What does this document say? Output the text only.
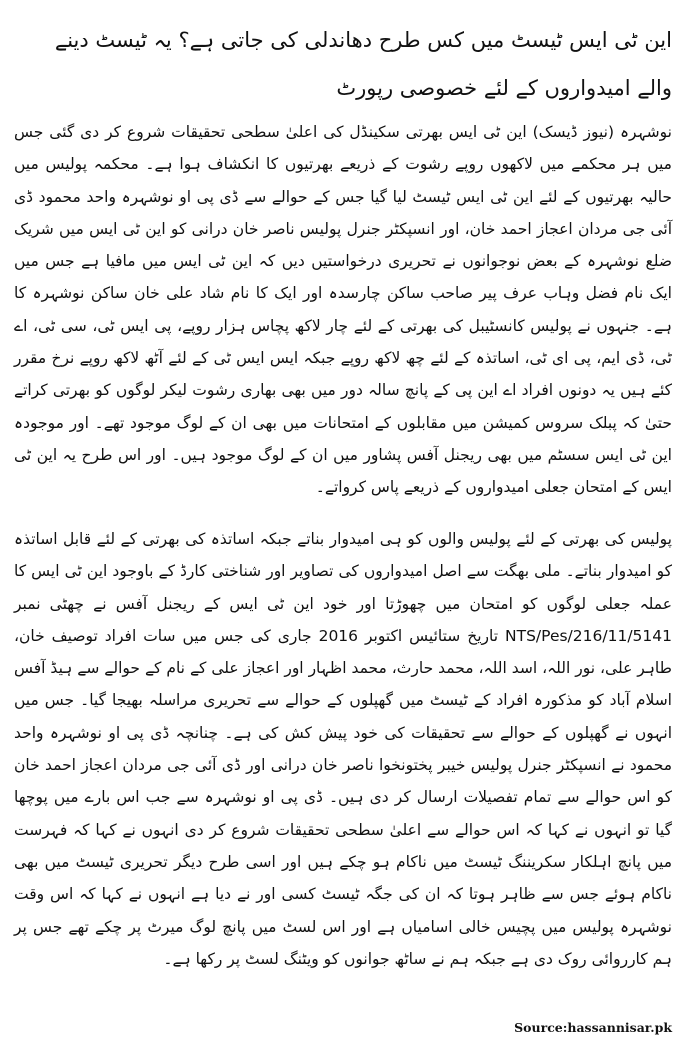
این ٹی ایس ٹیسٹ میں کس طرح دھاندلی کی جاتی ہے؟ یہ ٹیسٹ دینے والے امیدواروں کے لئے خصوصی رپورٹ

نوشہرہ (نیوز ڈیسک) این ٹی ایس بھرتی سکینڈل کی اعلیٰ سطحی تحقیقات شروع کر دی گئی جس میں ہر محکمے میں لاکھوں روپے رشوت کے ذریعے بھرتیوں کا انکشاف ہوا ہے۔ محکمہ پولیس میں حالیہ بھرتیوں کے لئے این ٹی ایس ٹیسٹ لیا گیا جس کے حوالے سے ڈی پی او نوشہرہ واحد محمود ڈی آئی جی مردان اعجاز احمد خان، اور انسپکٹر جنرل پولیس ناصر خان درانی کو این ٹی ایس میں شریک ضلع نوشہرہ کے بعض نوجوانوں نے تحریری درخواستیں دیں کہ این ٹی ایس میں مافیا ہے جس میں ایک نام فضل وہاب عرف پیر صاحب ساکن چارسدہ اور ایک کا نام شاد علی خان ساکن نوشہرہ کا ہے۔ جنہوں نے پولیس کانسٹیبل کی بھرتی کے لئے چار لاکھ پچاس ہزار روپے، پی ایس ٹی، سی ٹی، اے ٹی، ڈی ایم، پی ای ٹی، اساتذہ کے لئے چھ لاکھ روپے جبکہ ایس ایس ٹی کے لئے آٹھ لاکھ روپے نرخ مقرر کئے ہیں یہ دونوں افراد اے این پی کے پانچ سالہ دور میں بھی بھاری رشوت لیکر لوگوں کو بھرتی کراتے حتیٰ کہ پبلک سروس کمیشن میں مقابلوں کے امتحانات میں بھی ان کے لوگ موجود تھے۔ اور موجودہ این ٹی ایس سسٹم میں بھی ریجنل آفس پشاور میں ان کے لوگ موجود ہیں۔ اور اس طرح یہ این ٹی ایس کے امتحان جعلی امیدواروں کے ذریعے پاس کرواتے۔

پولیس کی بھرتی کے لئے پولیس والوں کو ہی امیدوار بناتے جبکہ اساتذہ کی بھرتی کے لئے قابل اساتذہ کو امیدوار بناتے۔ ملی بھگت سے اصل امیدواروں کی تصاویر اور شناختی کارڈ کے باوجود این ٹی ایس کا عملہ جعلی لوگوں کو امتحان میں چھوڑتا اور خود این ٹی ایس کے ریجنل آفس نے چھٹی نمبر NTS/Pes/216/11/5141 تاریخ ستائیس اکتوبر 2016 جاری کی جس میں سات افراد توصیف خان، طاہر علی، نور اللہ، اسد اللہ، محمد حارث، محمد اظہار اور اعجاز علی کے نام کے حوالے سے ہیڈ آفس اسلام آباد کو مذکورہ افراد کے ٹیسٹ میں گھپلوں کے حوالے سے تحریری مراسلہ بھیجا گیا۔ جس میں انہوں نے گھپلوں کے حوالے سے تحقیقات کی خود پیش کش کی ہے۔ چنانچہ ڈی پی او نوشہرہ واحد محمود نے انسپکٹر جنرل پولیس خیبر پختونخوا ناصر خان درانی اور ڈی آئی جی مردان اعجاز احمد خان کو اس حوالے سے تمام تفصیلات ارسال کر دی ہیں۔ ڈی پی او نوشہرہ سے جب اس بارے میں پوچھا گیا تو انہوں نے کہا کہ اس حوالے سے اعلیٰ سطحی تحقیقات شروع کر دی انہوں نے کہا کہ فہرست میں پانچ اہلکار سکریننگ ٹیسٹ میں ناکام ہو چکے ہیں اور اسی طرح دیگر تحریری ٹیسٹ میں بھی ناکام ہوئے جس سے ظاہر ہوتا کہ ان کی جگہ ٹیسٹ کسی اور نے دیا ہے انہوں نے کہا کہ اس وقت نوشہرہ پولیس میں پچیس خالی اسامیاں ہے اور اس لسٹ میں پانچ لوگ میرٹ پر چکے تھے جس پر ہم کارروائی روک دی ہے جبکہ ہم نے ساٹھ جوانوں کو ویٹنگ لسٹ پر رکھا ہے۔

Source:hassannisar.pk
